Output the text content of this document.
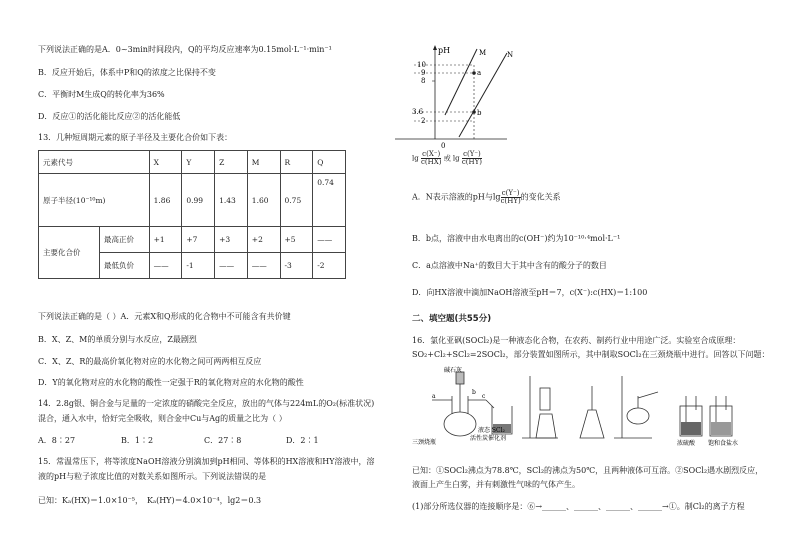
下列说法正确的是A．0~3min时间段内，Q的平均反应速率为0.15mol·L⁻¹·min⁻¹
B．反应开始后，体系中P和Q的浓度之比保持不变
C．平衡时M生成Q的转化率为36%
D．反应①的活化能比反应②的活化能低
13．几种短周期元素的原子半径及主要化合价如下表：
元素代号		X	Y	Z	M	R	Q
原子半径(10⁻¹⁰m)		1.86	0.99	1.43	1.60	0.75	0.74
主要化合价	最高正价	+1	+7	+3	+2	+5	——
	最低负价	——	-1	——	——	-3	-2
下列说法正确的是（ ）A．元素X和Q形成的化合物中不可能含有共价键
B．X、Z、M的单质分别与水反应，Z最剧烈
C．X、Z、R的最高价氧化物对应的水化物之间可两两相互反应
D．Y的氧化物对应的水化物的酸性一定强于R的氧化物对应的水化物的酸性
14．2.8g银、铜合金与足量的一定浓度的硝酸完全反应，放出的气体与224mL的O₂(标准状况)
混合，通入水中，恰好完全吸收，则合金中Cu与Ag的质量之比为（ ）
A．8∶27	B．1∶2	C．27∶8	D．2∶1
15．常温常压下，将等浓度NaOH溶液分别滴加到pH相同、等体积的HX溶液和HY溶液中，溶
液的pH与粒子浓度比值的对数关系如图所示。下列说法错误的是
已知：Kₐ(HX)＝1.0×10⁻⁵， Kₐ(HY)＝4.0×10⁻⁴，lg2＝0.3
pH
10
9
8
3.6
2
0
M	N
a
b
$\lg \frac{c(X^-)}{c(HX)}$ 或 $\lg \frac{c(Y^-)}{c(HY)}$
A．N表示溶液的pH与$\lg \frac{c(Y^-)}{c(HY)}$ 的变化关系
B．b点，溶液中由水电离出的c(OH⁻)约为10⁻¹⁰·⁴mol·L⁻¹
C．a点溶液中Na⁺的数目大于其中含有的酸分子的数目
D．向HX溶液中滴加NaOH溶液至pH＝7，c(X⁻):c(HX)＝1:100
二、填空题(共55分)
16．氯化亚砜(SOCl₂)是一种液态化合物，在农药、制药行业中用途广泛。实验室合成原理：
SO₂+Cl₂+SCl₂=2SOCl₂，部分装置如图所示，其中制取SOCl₂在三颈烧瓶中进行。回答以下问题：
碱石灰
三颈烧瓶
液态 SCl₂
活性炭催化剂
浓硫酸 饱和食盐水
a
b
c
已知：①SOCl₂沸点为78.8℃，SCl₂的沸点为50℃，且两种液体可互溶。②SOCl₂遇水剧烈反应，
液面上产生白雾，并有刺激性气味的气体产生。
(1)部分所选仪器的连接顺序是：⑥→______、______、______、______→①。制Cl₂的离子方程
